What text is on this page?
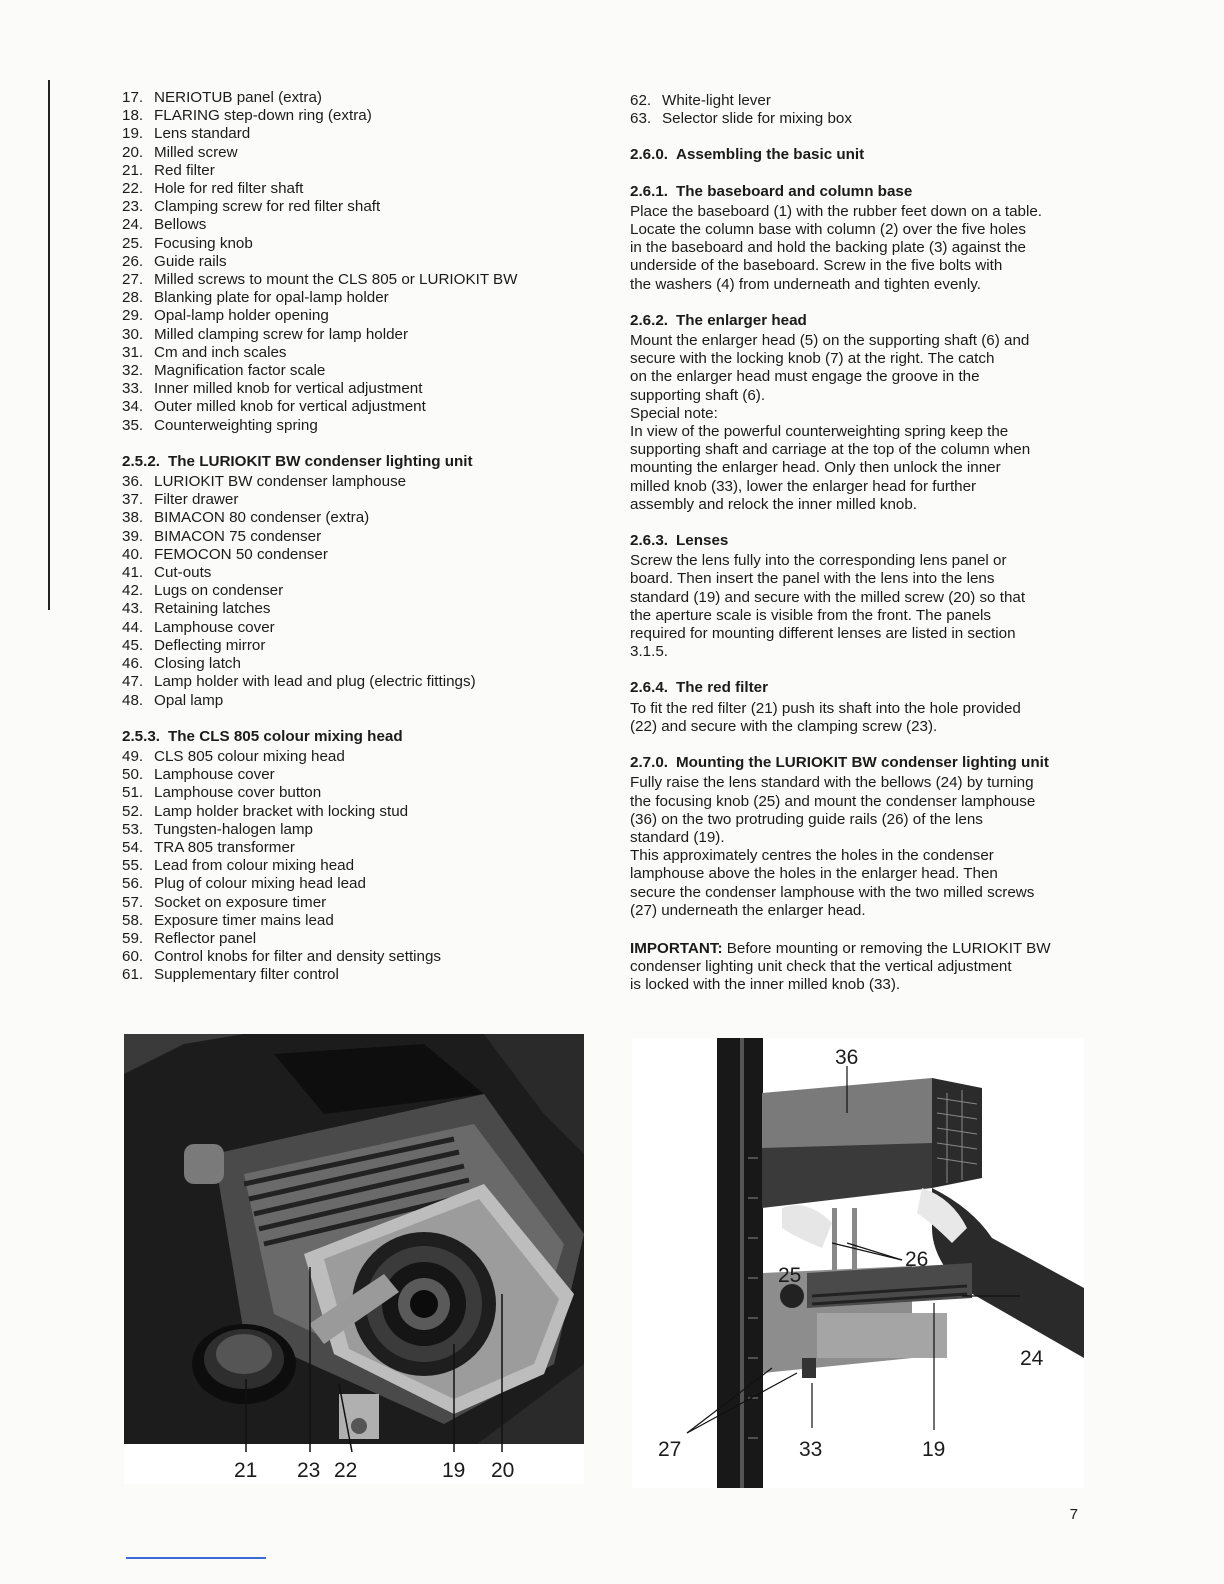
17. NERIOTUB panel (extra)
18. FLARING step-down ring (extra)
19. Lens standard
20. Milled screw
21. Red filter
22. Hole for red filter shaft
23. Clamping screw for red filter shaft
24. Bellows
25. Focusing knob
26. Guide rails
27. Milled screws to mount the CLS 805 or LURIOKIT BW
28. Blanking plate for opal-lamp holder
29. Opal-lamp holder opening
30. Milled clamping screw for lamp holder
31. Cm and inch scales
32. Magnification factor scale
33. Inner milled knob for vertical adjustment
34. Outer milled knob for vertical adjustment
35. Counterweighting spring
2.5.2. The LURIOKIT BW condenser lighting unit
36. LURIOKIT BW condenser lamphouse
37. Filter drawer
38. BIMACON 80 condenser (extra)
39. BIMACON 75 condenser
40. FEMOCON 50 condenser
41. Cut-outs
42. Lugs on condenser
43. Retaining latches
44. Lamphouse cover
45. Deflecting mirror
46. Closing latch
47. Lamp holder with lead and plug (electric fittings)
48. Opal lamp
2.5.3. The CLS 805 colour mixing head
49. CLS 805 colour mixing head
50. Lamphouse cover
51. Lamphouse cover button
52. Lamp holder bracket with locking stud
53. Tungsten-halogen lamp
54. TRA 805 transformer
55. Lead from colour mixing head
56. Plug of colour mixing head lead
57. Socket on exposure timer
58. Exposure timer mains lead
59. Reflector panel
60. Control knobs for filter and density settings
61. Supplementary filter control
62. White-light lever
63. Selector slide for mixing box
2.6.0. Assembling the basic unit
2.6.1. The baseboard and column base
Place the baseboard (1) with the rubber feet down on a table.
Locate the column base with column (2) over the five holes
in the baseboard and hold the backing plate (3) against the
underside of the baseboard. Screw in the five bolts with
the washers (4) from underneath and tighten evenly.
2.6.2. The enlarger head
Mount the enlarger head (5) on the supporting shaft (6) and
secure with the locking knob (7) at the right. The catch
on the enlarger head must engage the groove in the
supporting shaft (6).
Special note:
In view of the powerful counterweighting spring keep the
supporting shaft and carriage at the top of the column when
mounting the enlarger head. Only then unlock the inner
milled knob (33), lower the enlarger head for further
assembly and relock the inner milled knob.
2.6.3. Lenses
Screw the lens fully into the corresponding lens panel or
board. Then insert the panel with the lens into the lens
standard (19) and secure with the milled screw (20) so that
the aperture scale is visible from the front. The panels
required for mounting different lenses are listed in section
3.1.5.
2.6.4. The red filter
To fit the red filter (21) push its shaft into the hole provided
(22) and secure with the clamping screw (23).
2.7.0. Mounting the LURIOKIT BW condenser lighting unit
Fully raise the lens standard with the bellows (24) by turning
the focusing knob (25) and mount the condenser lamphouse
(36) on the two protruding guide rails (26) of the lens
standard (19).
This approximately centres the holes in the condenser
lamphouse above the holes in the enlarger head. Then
secure the condenser lamphouse with the two milled screws
(27) underneath the enlarger head.
IMPORTANT: Before mounting or removing the LURIOKIT BW
condenser lighting unit check that the vertical adjustment
is locked with the inner milled knob (33).
21 23 22	19 20
36
26
25
24
27	33	19
7
